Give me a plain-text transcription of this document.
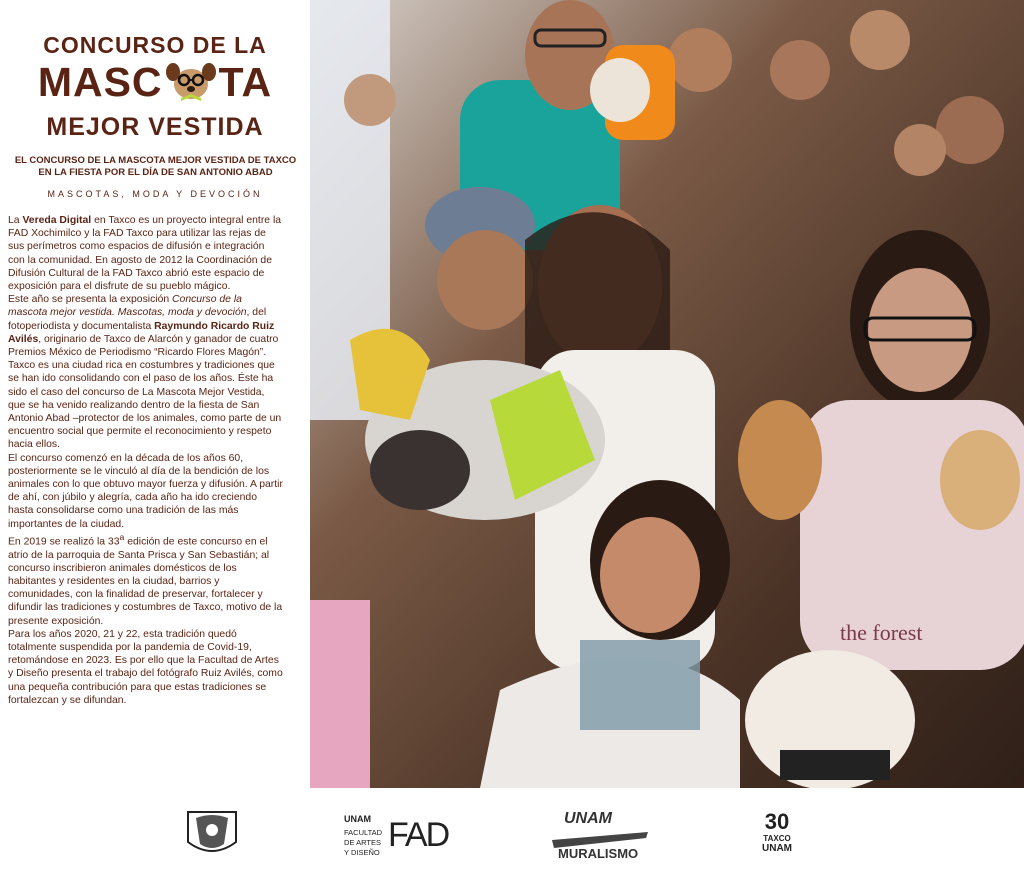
CONCURSO DE LA
MASC TA
MEJOR VESTIDA
EL CONCURSO DE LA MASCOTA MEJOR VESTIDA DE TAXCO
EN LA FIESTA POR EL DÍA DE SAN ANTONIO ABAD
MASCOTAS, MODA Y DEVOCIÓN

La Vereda Digital en Taxco es un proyecto integral entre la FAD Xochimilco y la FAD Taxco para utilizar las rejas de sus perímetros como espacios de difusión e integración con la comunidad. En agosto de 2012 la Coordinación de Difusión Cultural de la FAD Taxco abrió este espacio de exposición para el disfrute de su pueblo mágico.

Este año se presenta la exposición Concurso de la mascota mejor vestida. Mascotas, moda y devoción, del fotoperiodista y documentalista Raymundo Ricardo Ruiz Avilés, originario de Taxco de Alarcón y ganador de cuatro Premios México de Periodismo “Ricardo Flores Magón”.

Taxco es una ciudad rica en costumbres y tradiciones que se han ido consolidando con el paso de los años. Éste ha sido el caso del concurso de La Mascota Mejor Vestida, que se ha venido realizando dentro de la fiesta de San Antonio Abad –protector de los animales, como parte de un encuentro social que permite el reconocimiento y respeto hacia ellos.

El concurso comenzó en la década de los años 60, posteriormente se le vinculó al día de la bendición de los animales con lo que obtuvo mayor fuerza y difusión. A partir de ahí, con júbilo y alegría, cada año ha ido creciendo hasta consolidarse como una tradición de las más importantes de la ciudad.

En 2019 se realizó la 33$^a$ edición de este concurso en el atrio de la parroquia de Santa Prisca y San Sebastián; al concurso inscribieron animales domésticos de los habitantes y residentes en la ciudad, barrios y comunidades, con la finalidad de preservar, fortalecer y difundir las tradiciones y costumbres de Taxco, motivo de la presente exposición.

Para los años 2020, 21 y 22, esta tradición quedó totalmente suspendida por la pandemia de Covid-19, retomándose en 2023. Es por ello que la Facultad de Artes y Diseño presenta el trabajo del fotógrafo Ruiz Avilés, como una pequeña contribución para que estas tradiciones se fortalezcan y se difundan.

the forest
UNAM
FACULTAD
DE ARTES
Y DISEÑO FAD	UNAM
MURALISMO
30
TAXCO
UNAM
